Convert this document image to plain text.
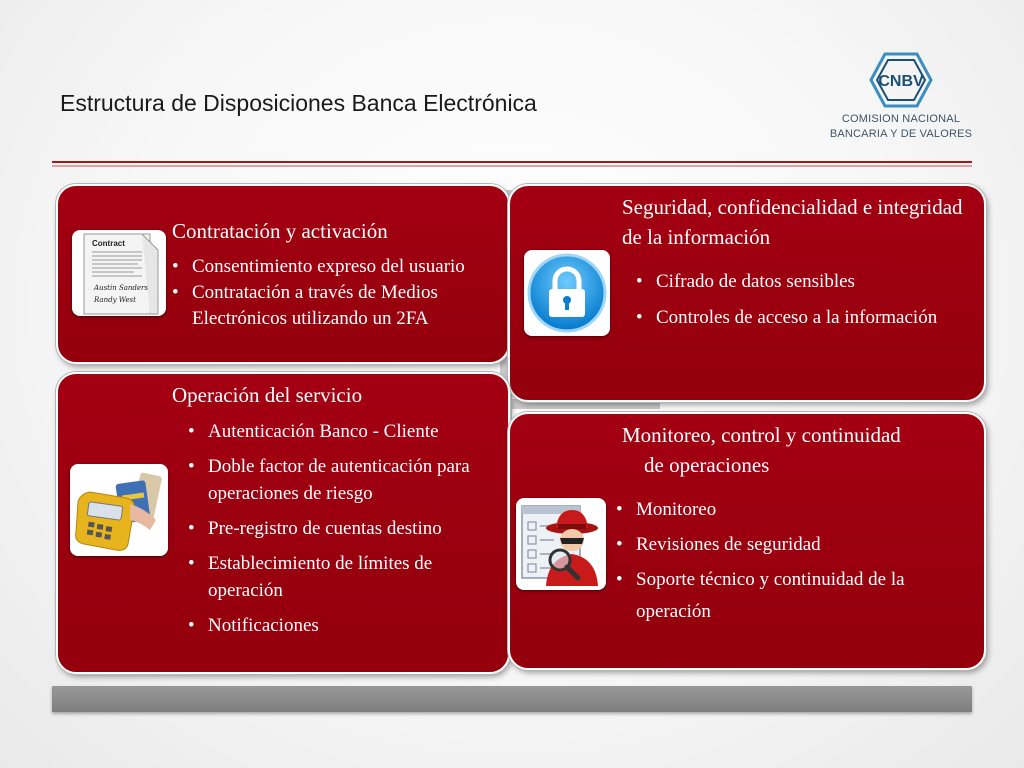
Estructura de Disposiciones Banca Electrónica
CNBV
COMISION NACIONAL
BANCARIA Y DE VALORES
Contract
Austin Sanders
Randy West
Contratación y activación
• Consentimiento expreso del usuario
• Contratación a través de Medios Electrónicos utilizando un 2FA
Seguridad, confidencialidad e integridad de la información
• Cifrado de datos sensibles
• Controles de acceso a la información
Operación del servicio
• Autenticación Banco - Cliente
• Doble factor de autenticación para operaciones de riesgo
• Pre-registro de cuentas destino
• Establecimiento de límites de operación
• Notificaciones
Monitoreo, control y continuidad
de operaciones
• Monitoreo
• Revisiones de seguridad
• Soporte técnico y continuidad de la operación
